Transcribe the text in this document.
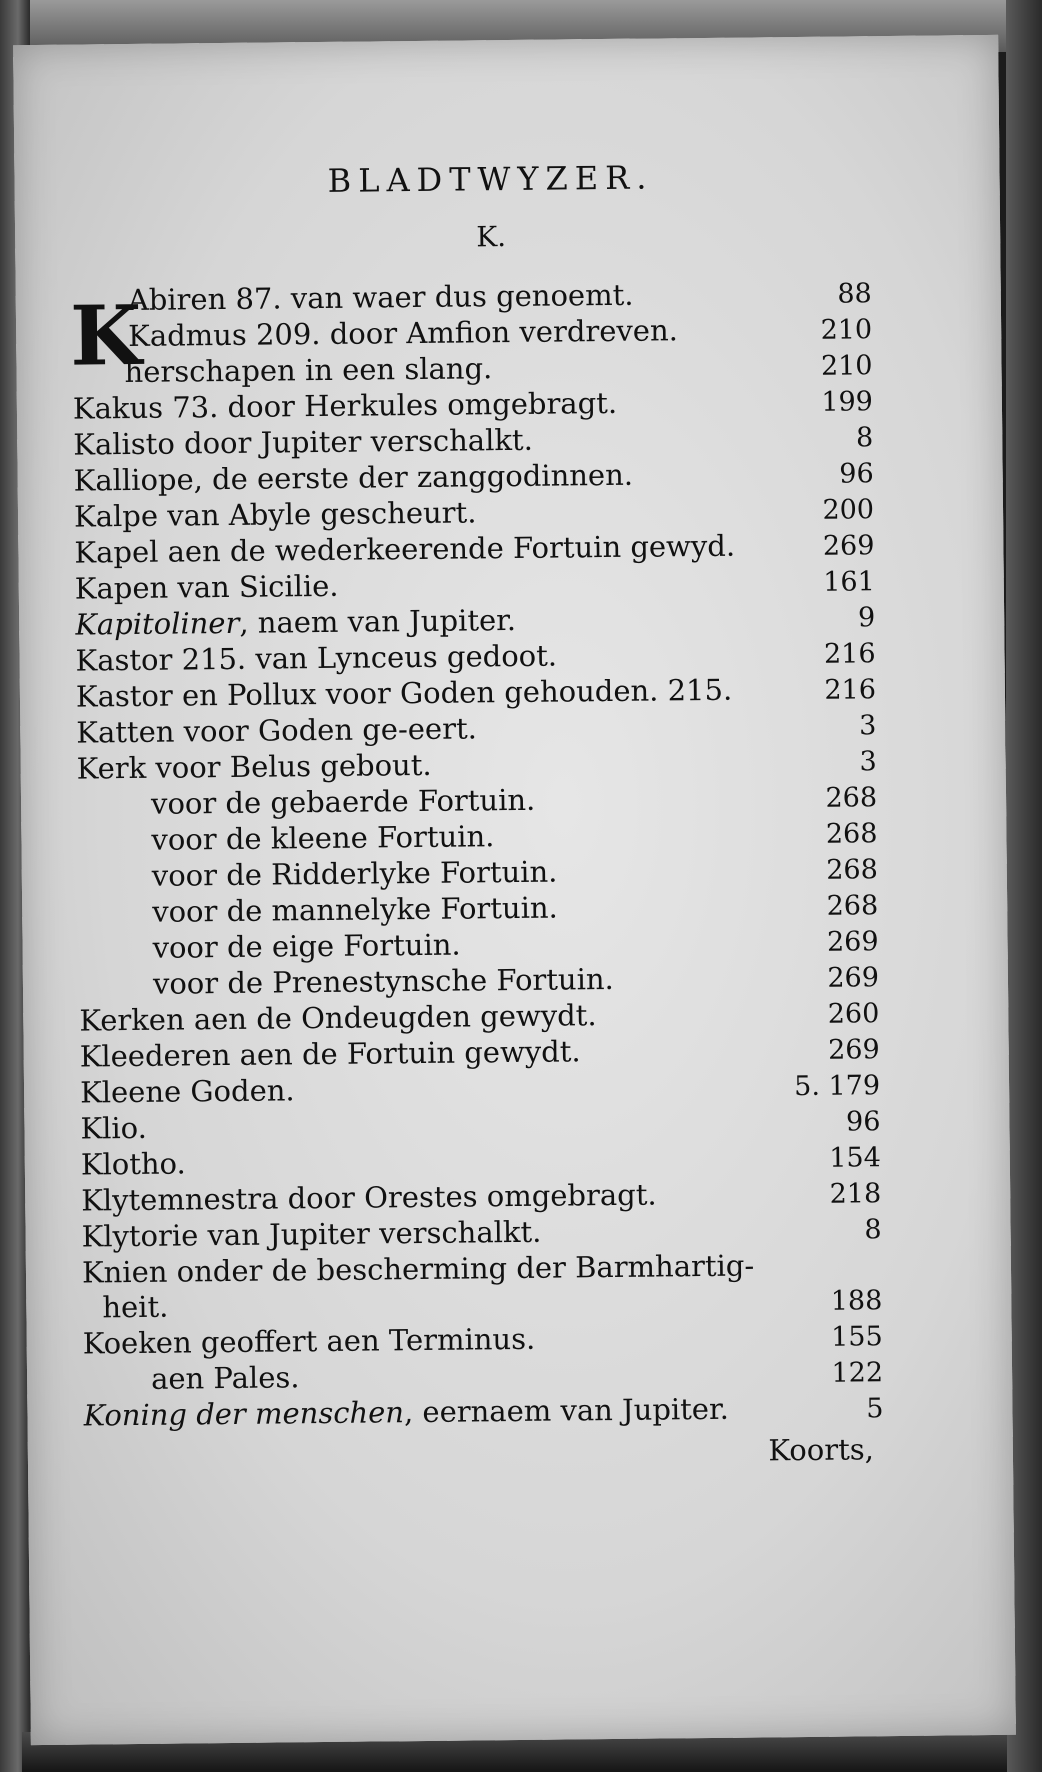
BLADTWYZER.
K.
K
Abiren 87. van waer dus genoemt.	88
Kadmus 209. door Amfion verdreven.	210
herschapen in een slang.	210
Kakus 73. door Herkules omgebragt.	199
Kalisto door Jupiter verschalkt.	8
Kalliope, de eerste der zanggodinnen.	96
Kalpe van Abyle gescheurt.	200
Kapel aen de wederkeerende Fortuin gewyd.	269
Kapen van Sicilie.	161
Kapitoliner, naem van Jupiter.	9
Kastor 215. van Lynceus gedoot.	216
Kastor en Pollux voor Goden gehouden. 215.	216
Katten voor Goden ge-eert.	3
Kerk voor Belus gebout.	3
voor de gebaerde Fortuin.	268
voor de kleene Fortuin.	268
voor de Ridderlyke Fortuin.	268
voor de mannelyke Fortuin.	268
voor de eige Fortuin.	269
voor de Prenestynsche Fortuin.	269
Kerken aen de Ondeugden gewydt.	260
Kleederen aen de Fortuin gewydt.	269
Kleene Goden.	5. 179
Klio.	96
Klotho.	154
Klytemnestra door Orestes omgebragt.	218
Klytorie van Jupiter verschalkt.	8
Knien onder de bescherming der Barmhartig-
heit.	188
Koeken geoffert aen Terminus.	155
aen Pales.	122
Koning der menschen, eernaem van Jupiter.	5
Koorts,
